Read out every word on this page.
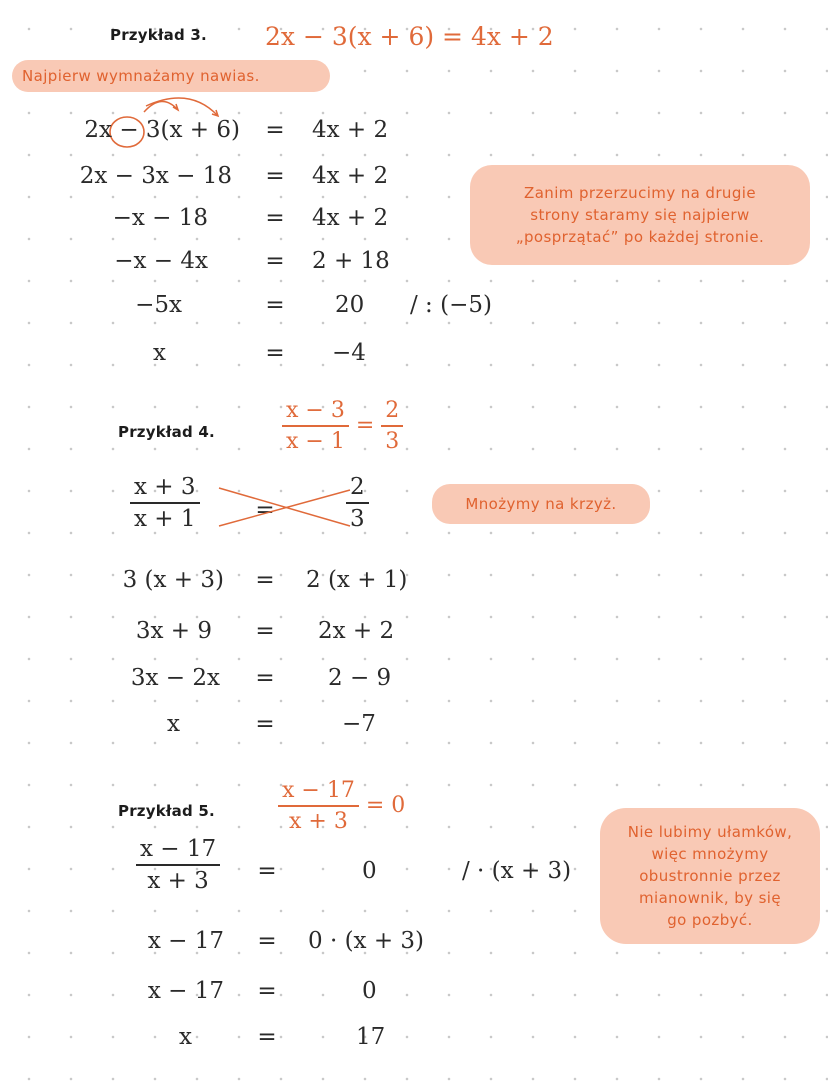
Przykład 3. 2x − 3(x + 6) = 4x + 2
Najpierw wymnażamy nawias.
2x − 3(x + 6) = 4x + 2
2x − 3x − 18 = 4x + 2
−x − 18 = 4x + 2
−x − 4x = 2 + 18
−5x	= 20 / : (−5)
x	= −4
Zanim przerzucimy na drugie
strony staramy się najpierw
„posprzątać” po każdej stronie.
Przykład 4.	$\frac{x - 3}{x - 1} = \frac{2}{3}$
$\frac{x + 3}{x + 1}$ =	$\frac{2}{3}$	Mnożymy na krzyż.
3 (x + 3) = 2 (x + 1)
3x + 9 = 2x + 2
3x − 2x = 2 − 9
x	=	−7
Przykład 5.	$\frac{x - 17}{x + 3} = 0$
$\frac{x - 17}{x + 3}$ =	0	/ · (x + 3)
Nie lubimy ułamków,
więc mnożymy
obustronnie przez
mianownik, by się
go pozbyć.
x − 17 = 0 · (x + 3)
x − 17 =	0
x	=	17
